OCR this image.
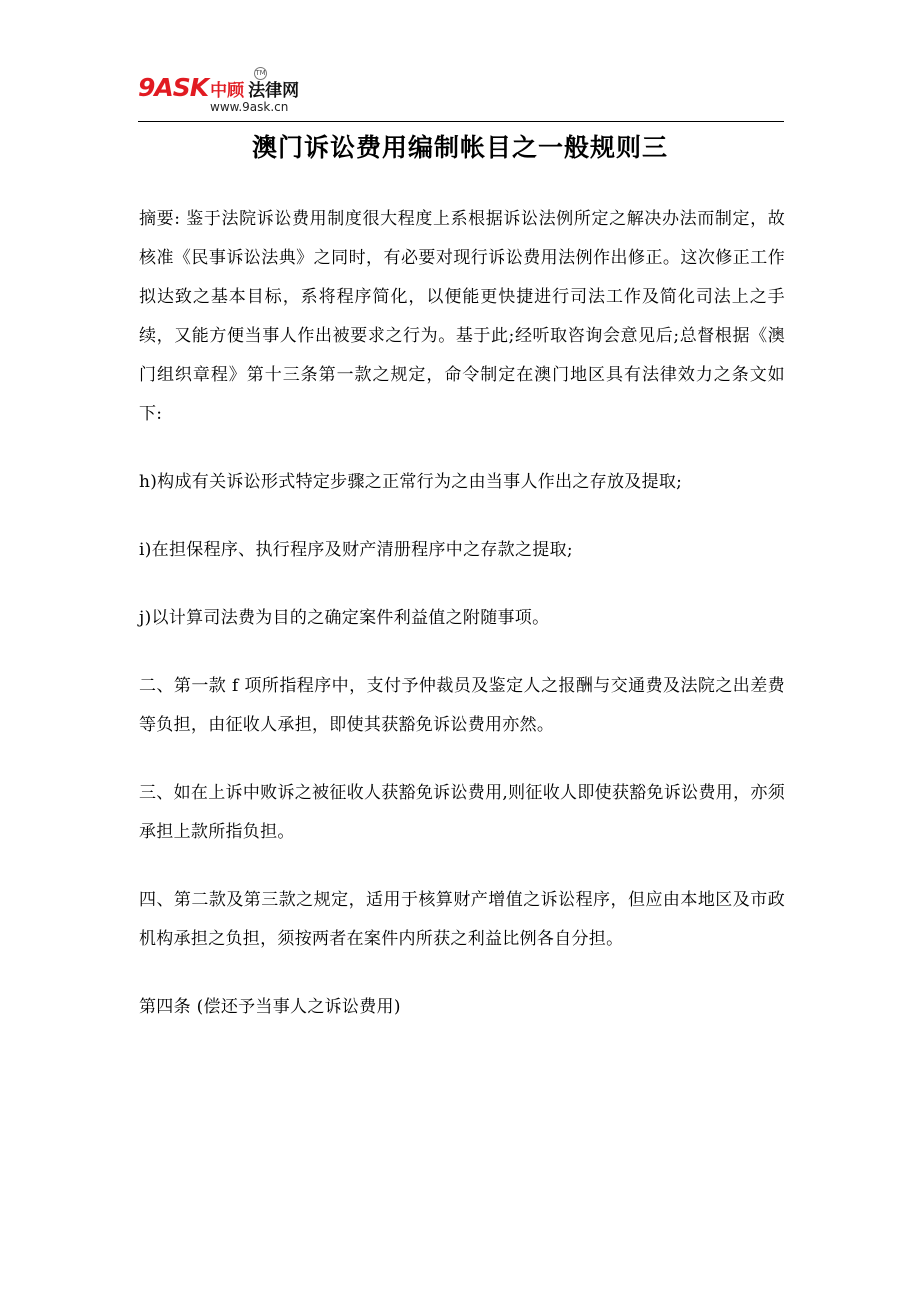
9ASK 中顾 法律网
TM
www.9ask.cn
澳门诉讼费用编制帐目之一般规则三

摘要: 鉴于法院诉讼费用制度很大程度上系根据诉讼法例所定之解决办法而制定，故核准《民事诉讼法典》之同时，有必要对现行诉讼费用法例作出修正。这次修正工作拟达致之基本目标，系将程序简化，以便能更快捷进行司法工作及简化司法上之手续，又能方便当事人作出被要求之行为。基于此;经听取咨询会意见后;总督根据《澳门组织章程》第十三条第一款之规定，命令制定在澳门地区具有法律效力之条文如下:

h)构成有关诉讼形式特定步骤之正常行为之由当事人作出之存放及提取;

i)在担保程序、执行程序及财产清册程序中之存款之提取;

j)以计算司法费为目的之确定案件利益值之附随事项。

二、第一款 f 项所指程序中，支付予仲裁员及鉴定人之报酬与交通费及法院之出差费等负担，由征收人承担，即使其获豁免诉讼费用亦然。

三、如在上诉中败诉之被征收人获豁免诉讼费用,则征收人即使获豁免诉讼费用，亦须承担上款所指负担。

四、第二款及第三款之规定，适用于核算财产增值之诉讼程序，但应由本地区及市政机构承担之负担，须按两者在案件内所获之利益比例各自分担。

第四条 (偿还予当事人之诉讼费用)
